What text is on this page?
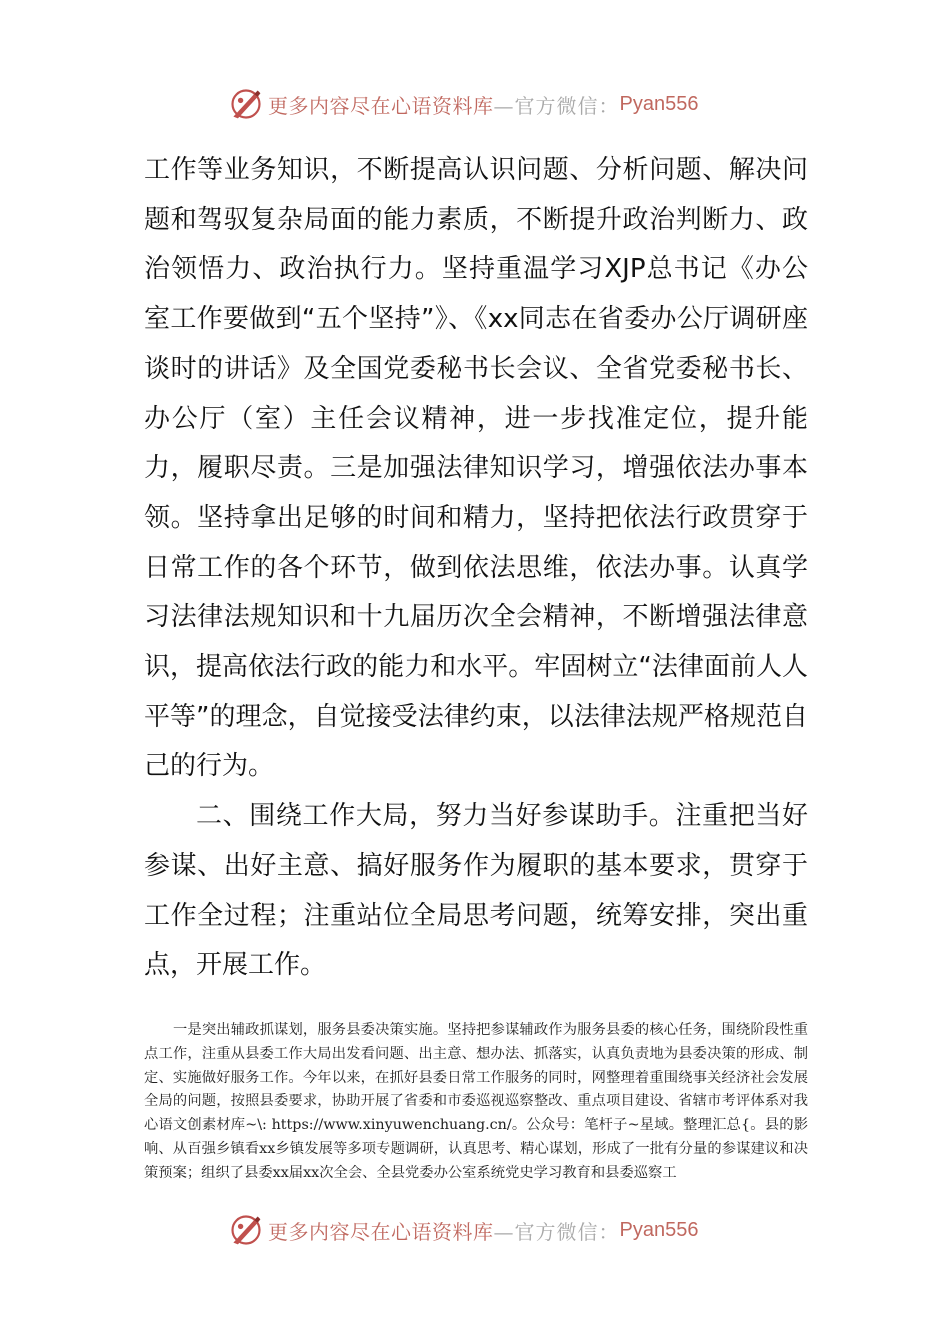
更多内容尽在心语资料库 —官方微信： Pyan556

工作等业务知识，不断提高认识问题、分析问题、解决问题和驾驭复杂局面的能力素质，不断提升政治判断力、政治领悟力、政治执行力。坚持重温学习XJP总书记《办公室工作要做到“五个坚持”》、《xx同志在省委办公厅调研座谈时的讲话》及全国党委秘书长会议、全省党委秘书长、办公厅（室）主任会议精神，进一步找准定位，提升能力，履职尽责。三是加强法律知识学习，增强依法办事本领。坚持拿出足够的时间和精力，坚持把依法行政贯穿于日常工作的各个环节，做到依法思维，依法办事。认真学习法律法规知识和十九届历次全会精神，不断增强法律意识，提高依法行政的能力和水平。牢固树立“法律面前人人平等”的理念，自觉接受法律约束，以法律法规严格规范自己的行为。

二、围绕工作大局，努力当好参谋助手。注重把当好参谋、出好主意、搞好服务作为履职的基本要求，贯穿于工作全过程；注重站位全局思考问题，统筹安排，突出重点，开展工作。

一是突出辅政抓谋划，服务县委决策实施。坚持把参谋辅政作为服务县委的核心任务，围绕阶段性重点工作，注重从县委工作大局出发看问题、出主意、想办法、抓落实，认真负责地为县委决策的形成、制定、实施做好服务工作。今年以来，在抓好县委日常工作服务的同时，网整理着重围绕事关经济社会发展全局的问题，按照县委要求，协助开展了省委和市委巡视巡察整改、重点项目建设、省辖市考评体系对我心语文创素材库~\: https://www.xinyuwenchuang.cn/。公众号：笔杆子~星域。整理汇总{。县的影响、从百强乡镇看xx乡镇发展等多项专题调研，认真思考、精心谋划，形成了一批有分量的参谋建议和决策预案；组织了县委xx届xx次全会、全县党委办公室系统党史学习教育和县委巡察工

更多内容尽在心语资料库 —官方微信： Pyan556
